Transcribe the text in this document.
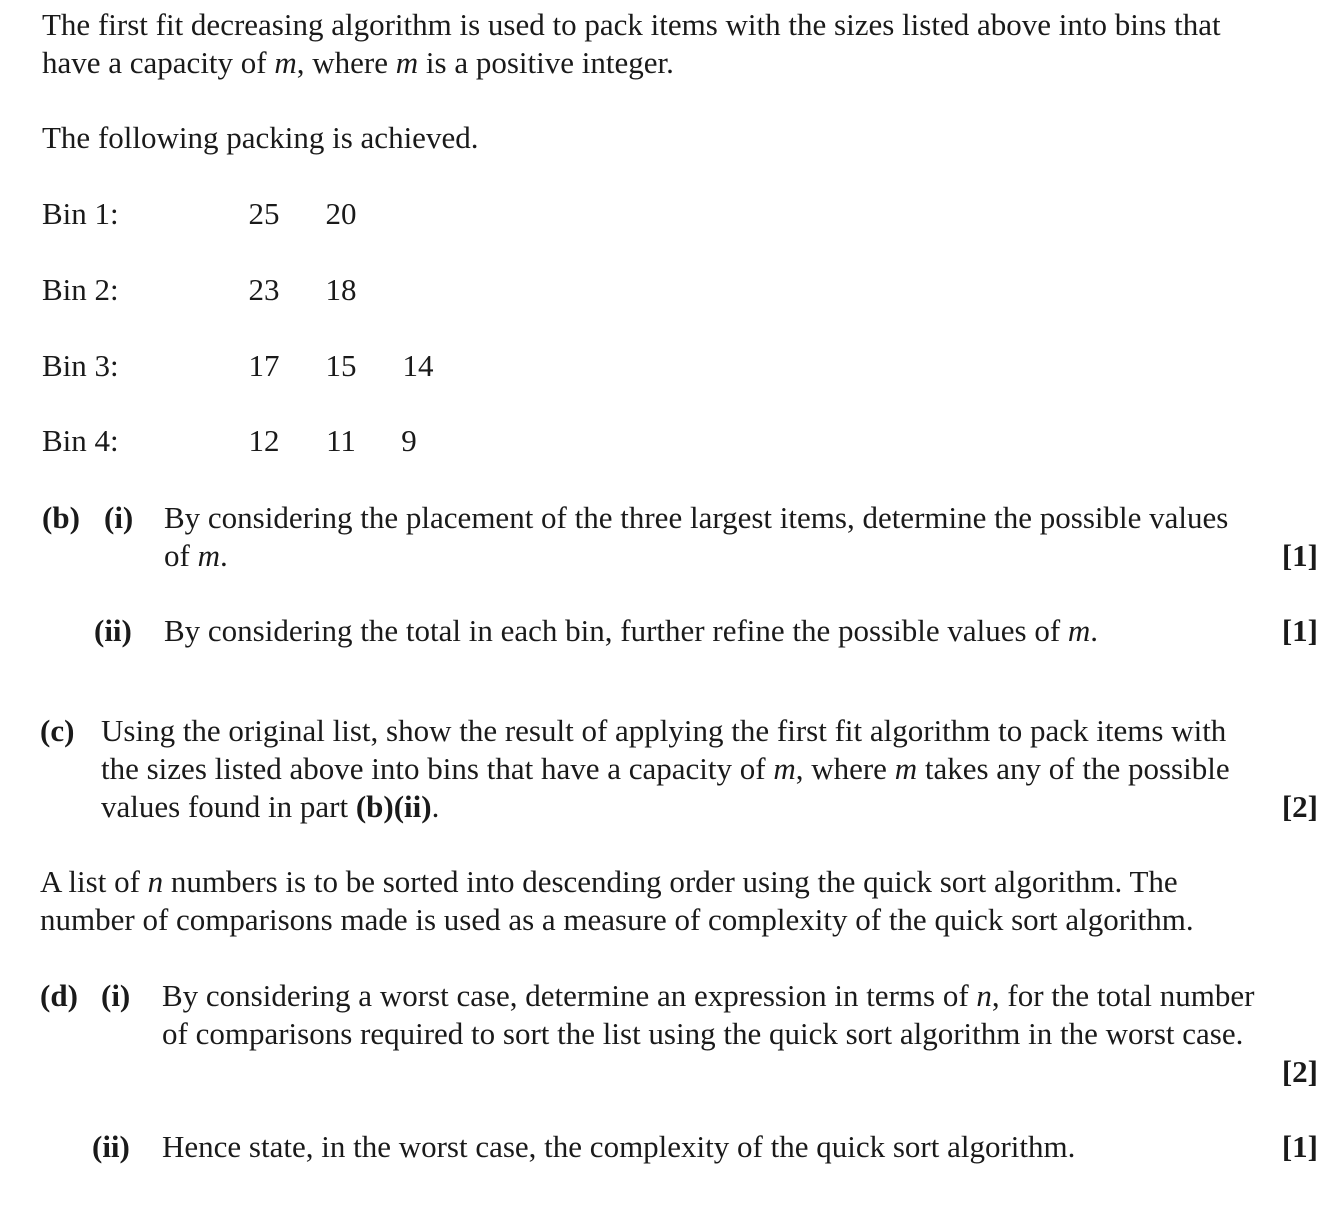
The first fit decreasing algorithm is used to pack items with the sizes listed above into bins that
have a capacity of m, where m is a positive integer.
The following packing is achieved.
Bin 1:	25 20
Bin 2:	23 18
Bin 3:	17 15 14
Bin 4:	12 11	9
(b) (i) By considering the placement of the three largest items, determine the possible values
of m.	[1]
(ii) By considering the total in each bin, further refine the possible values of m.	[1]
(c) Using the original list, show the result of applying the first fit algorithm to pack items with
the sizes listed above into bins that have a capacity of m, where m takes any of the possible
values found in part (b)(ii).	[2]
A list of n numbers is to be sorted into descending order using the quick sort algorithm. The
number of comparisons made is used as a measure of complexity of the quick sort algorithm.
(d) (i) By considering a worst case, determine an expression in terms of n, for the total number
of comparisons required to sort the list using the quick sort algorithm in the worst case.
[2]
(ii) Hence state, in the worst case, the complexity of the quick sort algorithm.	[1]
